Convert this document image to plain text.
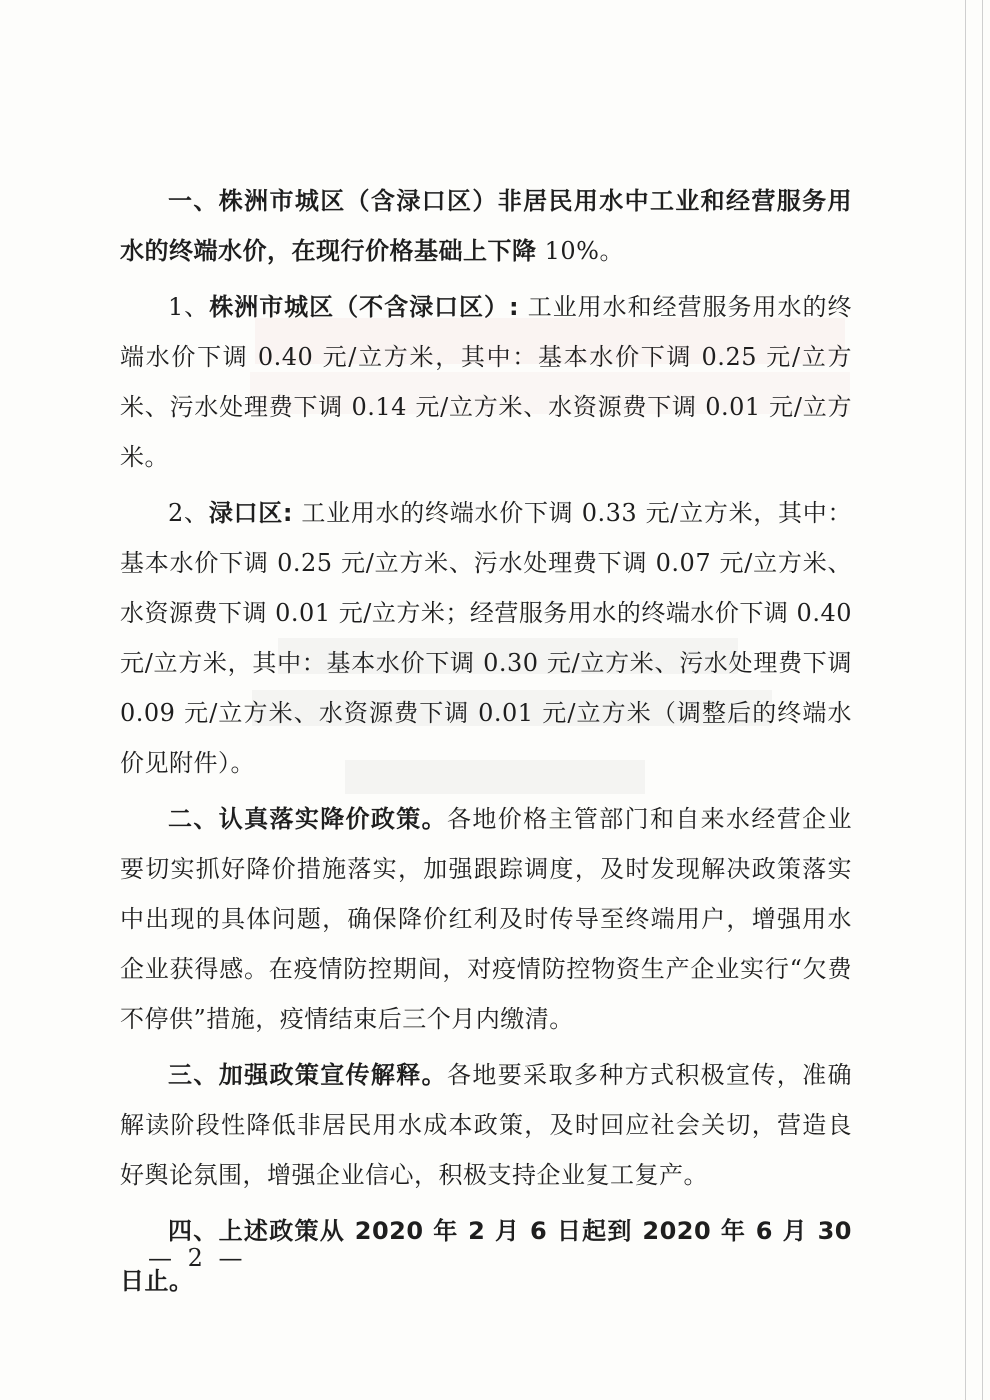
一、株洲市城区（含渌口区）非居民用水中工业和经营服务用水的终端水价，在现行价格基础上下降 10%。

1、株洲市城区（不含渌口区）: 工业用水和经营服务用水的终端水价下调 0.40 元/立方米，其中：基本水价下调 0.25 元/立方米、污水处理费下调 0.14 元/立方米、水资源费下调 0.01 元/立方米。

2、渌口区: 工业用水的终端水价下调 0.33 元/立方米，其中：基本水价下调 0.25 元/立方米、污水处理费下调 0.07 元/立方米、水资源费下调 0.01 元/立方米；经营服务用水的终端水价下调 0.40 元/立方米，其中：基本水价下调 0.30 元/立方米、污水处理费下调 0.09 元/立方米、水资源费下调 0.01 元/立方米（调整后的终端水价见附件）。

二、认真落实降价政策。各地价格主管部门和自来水经营企业要切实抓好降价措施落实，加强跟踪调度，及时发现解决政策落实中出现的具体问题，确保降价红利及时传导至终端用户，增强用水企业获得感。在疫情防控期间，对疫情防控物资生产企业实行“欠费不停供”措施，疫情结束后三个月内缴清。

三、加强政策宣传解释。各地要采取多种方式积极宣传，准确解读阶段性降低非居民用水成本政策，及时回应社会关切，营造良好舆论氛围，增强企业信心，积极支持企业复工复产。

四、上述政策从 2020 年 2 月 6 日起到 2020 年 6 月 30 日止。

— 2 —
